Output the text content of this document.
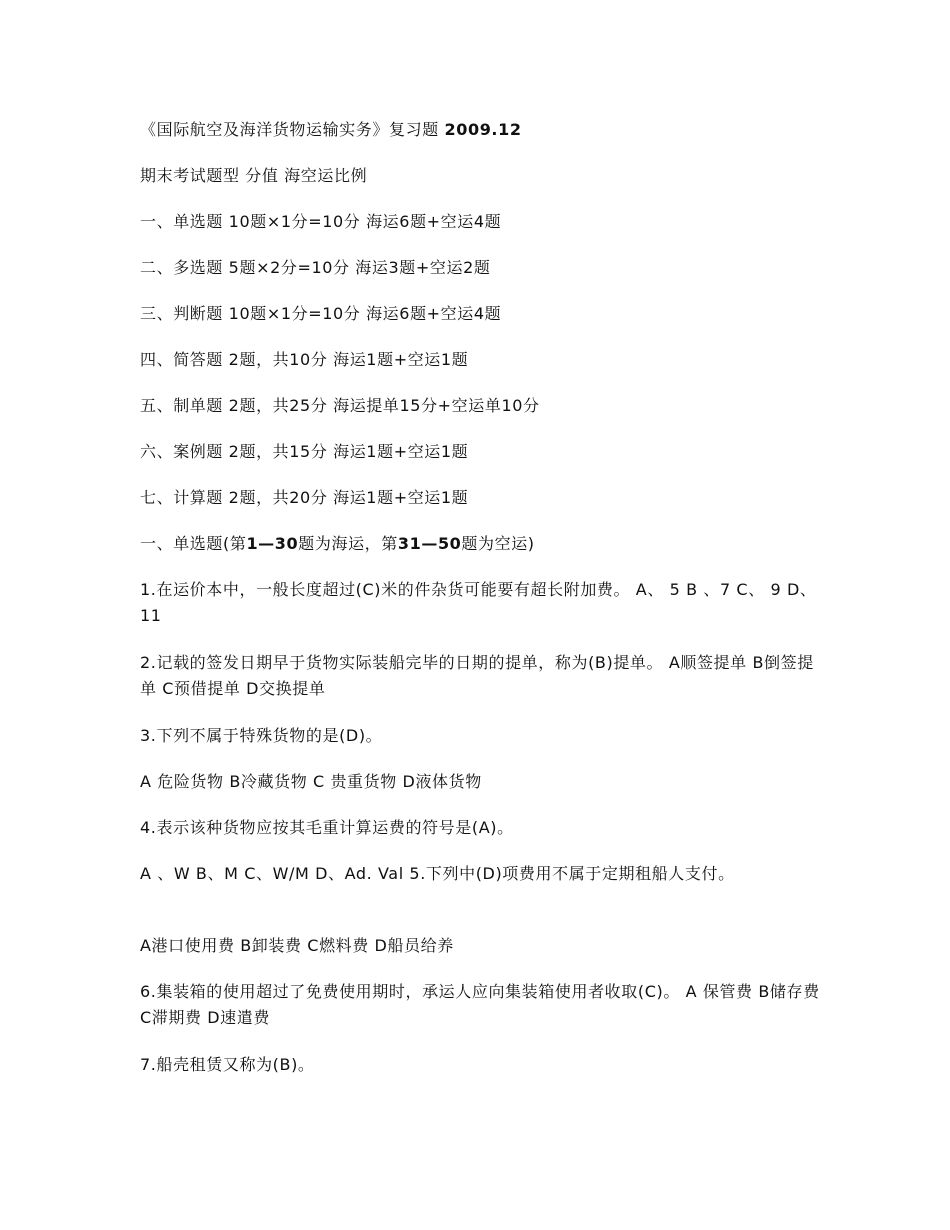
《国际航空及海洋货物运输实务》复习题 2009.12
期末考试题型 分值 海空运比例
一、单选题 10题×1分=10分 海运6题+空运4题
二、多选题 5题×2分=10分 海运3题+空运2题
三、判断题 10题×1分=10分 海运6题+空运4题
四、简答题 2题，共10分 海运1题+空运1题
五、制单题 2题，共25分 海运提单15分+空运单10分
六、案例题 2题，共15分 海运1题+空运1题
七、计算题 2题，共20分 海运1题+空运1题
一、单选题(第1—30题为海运，第31—50题为空运)
1.在运价本中，一般长度超过(C)米的件杂货可能要有超长附加费。 A、 5 B 、7 C、 9 D、11
2.记载的签发日期早于货物实际装船完毕的日期的提单，称为(B)提单。 A顺签提单 B倒签提单 C预借提单 D交换提单
3.下列不属于特殊货物的是(D)。
A 危险货物 B冷藏货物 C 贵重货物 D液体货物
4.表示该种货物应按其毛重计算运费的符号是(A)。
A 、W B、M C、W/M D、Ad. Val 5.下列中(D)项费用不属于定期租船人支付。
A港口使用费 B卸装费 C燃料费 D船员给养
6.集装箱的使用超过了免费使用期时，承运人应向集装箱使用者收取(C)。 A 保管费 B储存费 C滞期费 D速遣费
7.船壳租赁又称为(B)。
